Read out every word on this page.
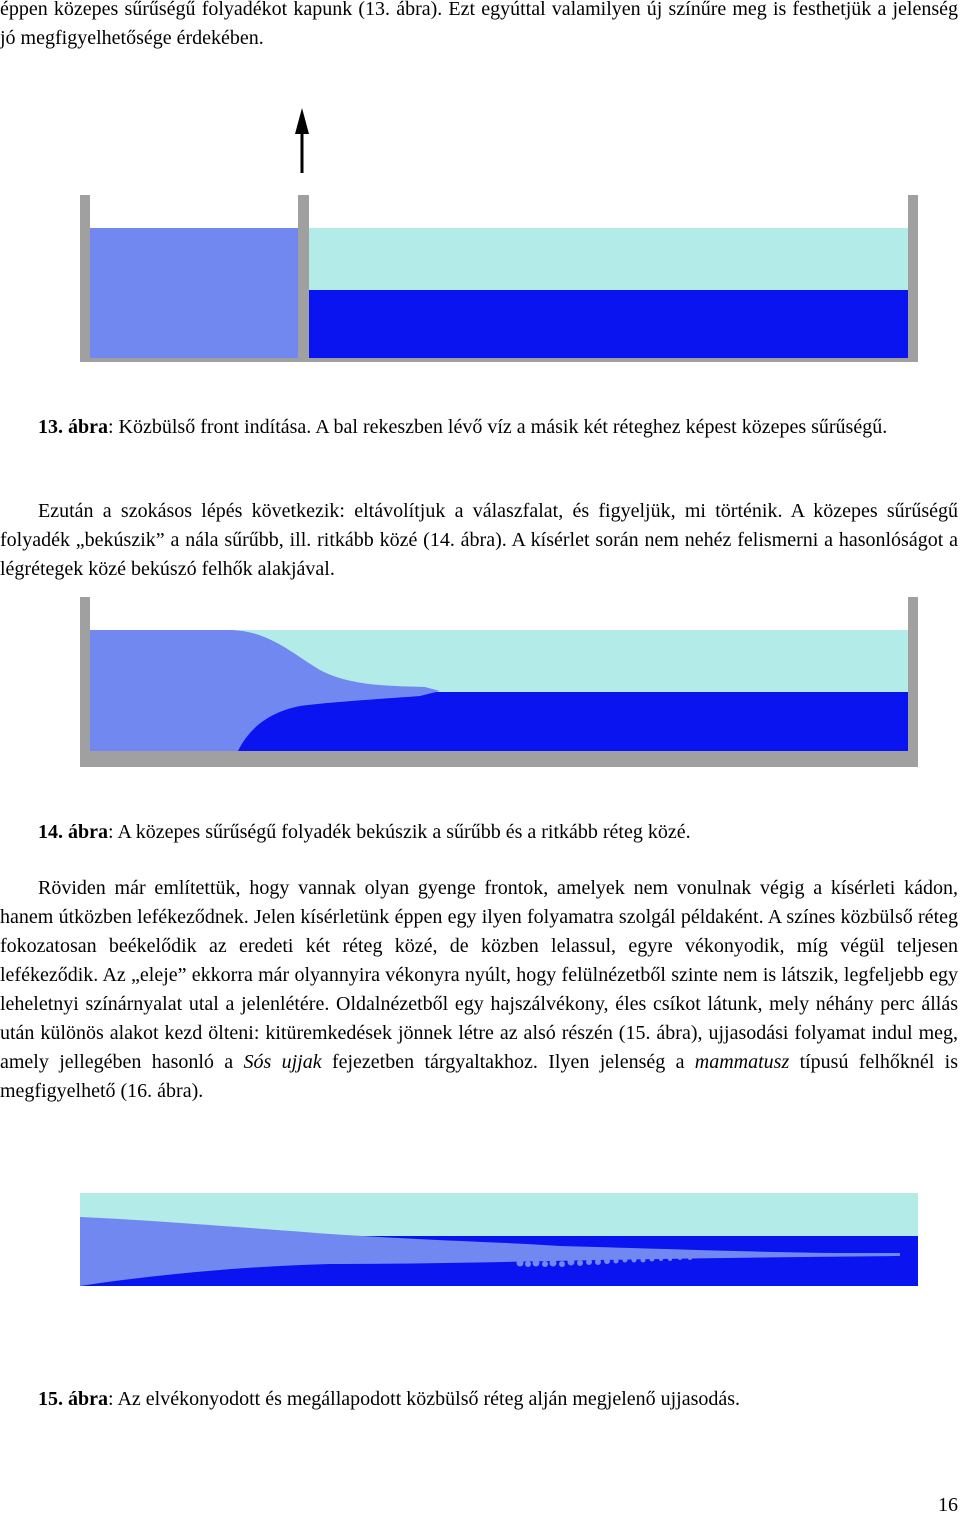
éppen közepes sűrűségű folyadékot kapunk (13. ábra). Ezt egyúttal valamilyen új színűre meg is festhetjük a jelenség jó megfigyelhetősége érdekében.

13. ábra: Közbülső front indítása. A bal rekeszben lévő víz a másik két réteghez képest közepes sűrűségű.

Ezután a szokásos lépés következik: eltávolítjuk a válaszfalat, és figyeljük, mi történik. A közepes sűrűségű folyadék „bekúszik” a nála sűrűbb, ill. ritkább közé (14. ábra). A kísérlet során nem nehéz felismerni a hasonlóságot a légrétegek közé bekúszó felhők alakjával.

14. ábra: A közepes sűrűségű folyadék bekúszik a sűrűbb és a ritkább réteg közé.

Röviden már említettük, hogy vannak olyan gyenge frontok, amelyek nem vonulnak végig a kísérleti kádon, hanem útközben lefékeződnek. Jelen kísérletünk éppen egy ilyen folyamatra szolgál példaként. A színes közbülső réteg fokozatosan beékelődik az eredeti két réteg közé, de közben lelassul, egyre vékonyodik, míg végül teljesen lefékeződik. Az „eleje” ekkorra már olyannyira vékonyra nyúlt, hogy felülnézetből szinte nem is látszik, legfeljebb egy leheletnyi színárnyalat utal a jelenlétére. Oldalnézetből egy hajszálvékony, éles csíkot látunk, mely néhány perc állás után különös alakot kezd ölteni: kitüremkedések jönnek létre az alsó részén (15. ábra), ujjasodási folyamat indul meg, amely jellegében hasonló a Sós ujjak fejezetben tárgyaltakhoz. Ilyen jelenség a mammatusz típusú felhőknél is megfigyelhető (16. ábra).

15. ábra: Az elvékonyodott és megállapodott közbülső réteg alján megjelenő ujjasodás.

16
